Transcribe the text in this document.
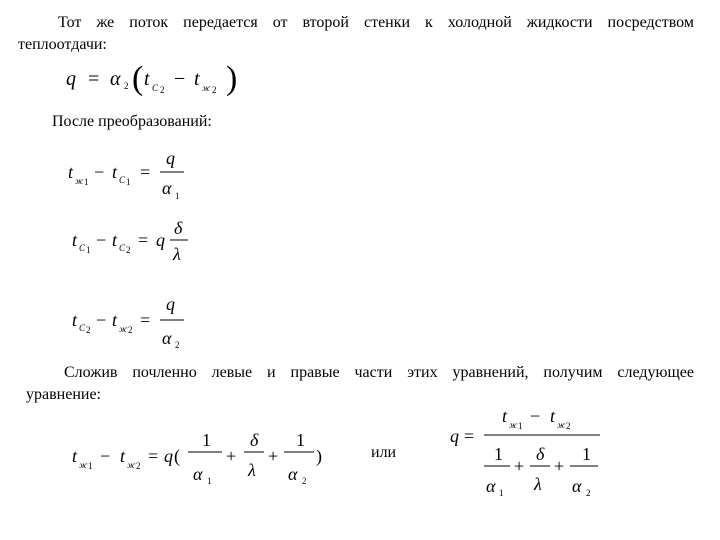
Тот же поток передается от второй стенки к холодной жидкости посредством
теплоотдачи:
q = α 2 ( t С 2 − t ж 2 )
После преобразований:
t ж 1 − t С 1 =
q
α 1
t С 1 − t С 2 = q
δ
λ
t С 2 − t ж 2 =
q
α 2
Сложив почленно левые и правые части этих уравнений, получим следующее
уравнение:
t ж 1 − t ж 2 = q (
1
α 1
+
δ
λ
+
1
α 2
)	или
q =
t ж 1 − t ж 2
1
α 1
+
δ
λ
+
1
α 2
